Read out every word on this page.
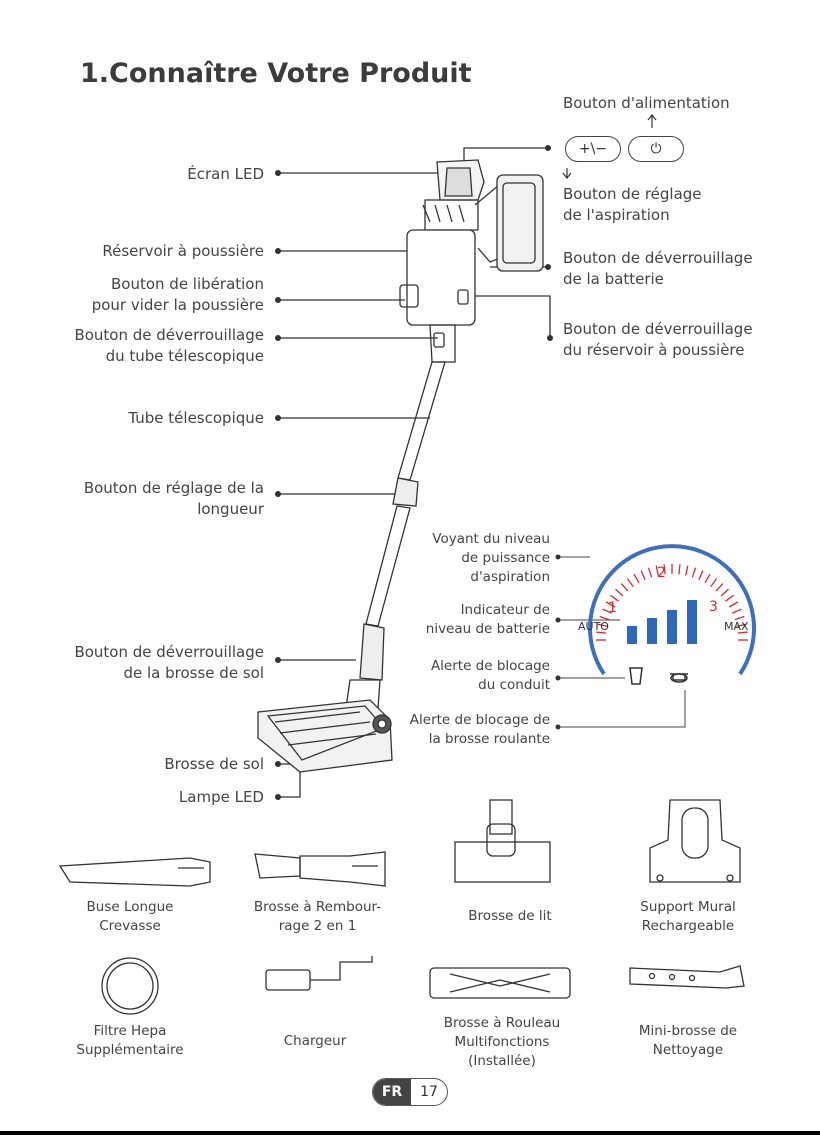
1.Connaître Votre Produit
Écran LED
Réservoir à poussière
Bouton de libération
pour vider la poussière
Bouton de déverrouillage
du tube télescopique
Tube télescopique
Bouton de réglage de la
longueur
Bouton de déverrouillage
de la brosse de sol
Brosse de sol
Lampe LED
Bouton d'alimentation
+\−	⏻
Bouton de réglage
de l'aspiration
Bouton de déverrouillage
de la batterie
Bouton de déverrouillage
du réservoir à poussière
Voyant du niveau
de puissance
d'aspiration
Indicateur de
niveau de batterie
Alerte de blocage
du conduit
Alerte de blocage de
la brosse roulante
AUTO	MAX
1
2
3
Buse Longue
Crevasse
Brosse à Rembour-
rage 2 en 1
Brosse de lit
Support Mural
Rechargeable
Filtre Hepa
Supplémentaire
Chargeur
Brosse à Rouleau
Multifonctions
(Installée)
Mini-brosse de
Nettoyage
FR	17
